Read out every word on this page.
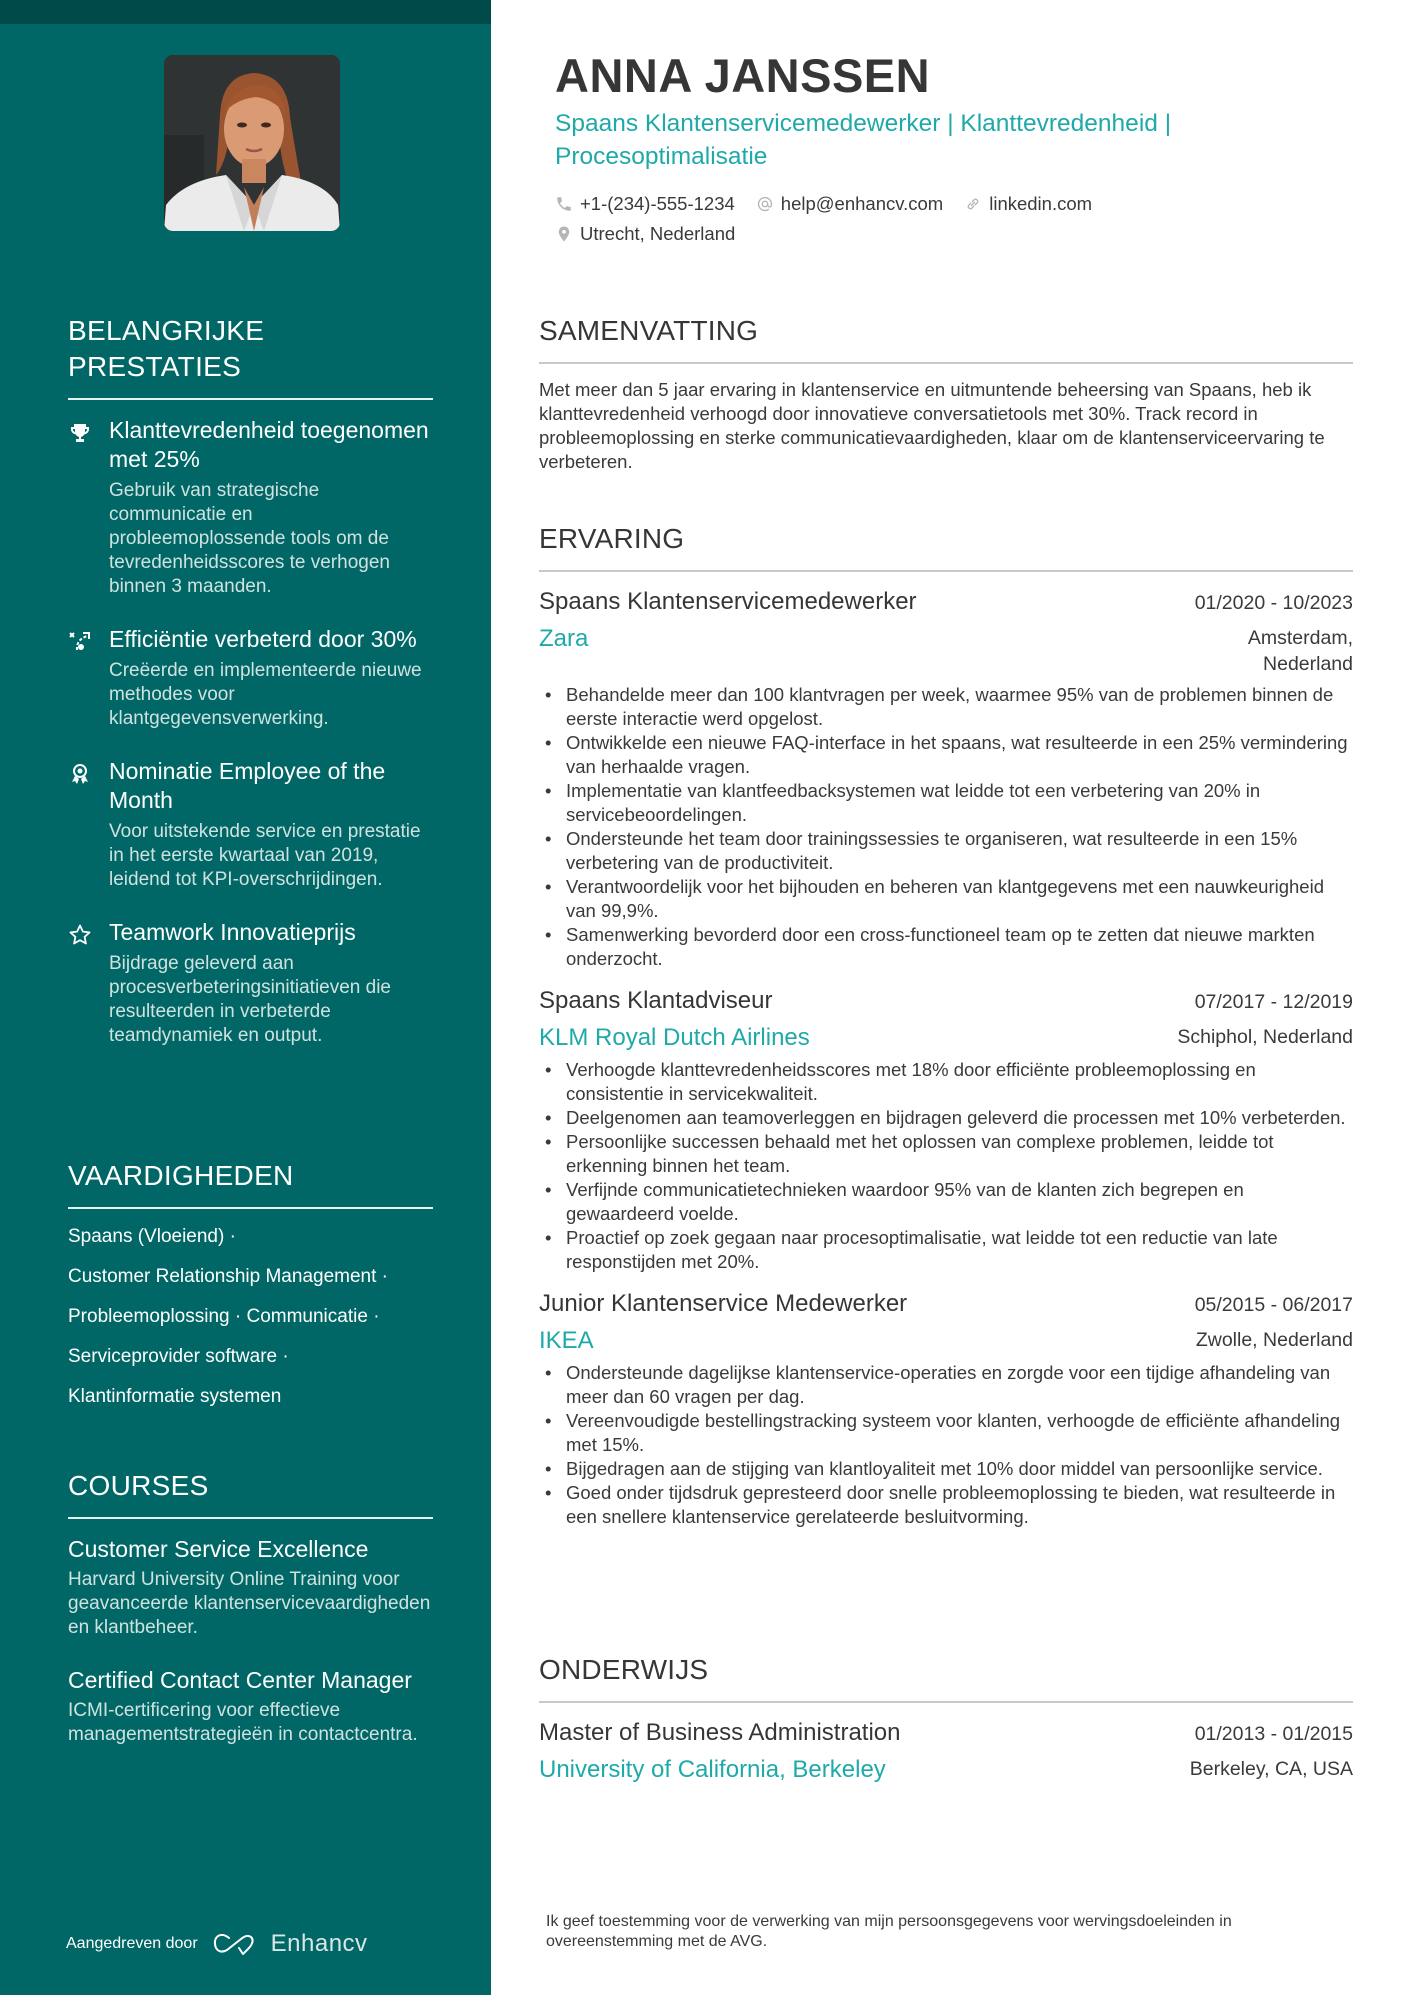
BELANGRIJKE PRESTATIES
Klanttevredenheid toegenomen met 25%
Gebruik van strategische communicatie en probleemoplossende tools om de tevredenheidsscores te verhogen binnen 3 maanden.
Efficiëntie verbeterd door 30%
Creëerde en implementeerde nieuwe methodes voor klantgegevensverwerking.
Nominatie Employee of the Month
Voor uitstekende service en prestatie in het eerste kwartaal van 2019, leidend tot KPI-overschrijdingen.
Teamwork Innovatieprijs
Bijdrage geleverd aan procesverbeteringsinitiatieven die resulteerden in verbeterde teamdynamiek en output.
VAARDIGHEDEN
Spaans (Vloeiend) ·
Customer Relationship Management ·
Probleemoplossing · Communicatie ·
Serviceprovider software ·
Klantinformatie systemen
COURSES
Customer Service Excellence
Harvard University Online Training voor geavanceerde klantenservicevaardigheden en klantbeheer.
Certified Contact Center Manager
ICMI-certificering voor effectieve managementstrategieën in contactcentra.
Aangedreven door	Enhancv
ANNA JANSSEN
Spaans Klantenservicemedewerker | Klanttevredenheid | Procesoptimalisatie
+1-(234)-555-1234 help@enhancv.com linkedin.com
Utrecht, Nederland
SAMENVATTING

Met meer dan 5 jaar ervaring in klantenservice en uitmuntende beheersing van Spaans, heb ik klanttevredenheid verhoogd door innovatieve conversatietools met 30%. Track record in probleemoplossing en sterke communicatievaardigheden, klaar om de klantenserviceervaring te verbeteren.

ERVARING
Spaans Klantenservicemedewerker	01/2020 - 10/2023
Zara	Amsterdam, Nederland
• Behandelde meer dan 100 klantvragen per week, waarmee 95% van de problemen binnen de eerste interactie werd opgelost.
• Ontwikkelde een nieuwe FAQ-interface in het spaans, wat resulteerde in een 25% vermindering van herhaalde vragen.
• Implementatie van klantfeedbacksystemen wat leidde tot een verbetering van 20% in servicebeoordelingen.
• Ondersteunde het team door trainingssessies te organiseren, wat resulteerde in een 15% verbetering van de productiviteit.
• Verantwoordelijk voor het bijhouden en beheren van klantgegevens met een nauwkeurigheid van 99,9%.
• Samenwerking bevorderd door een cross-functioneel team op te zetten dat nieuwe markten onderzocht.
Spaans Klantadviseur	07/2017 - 12/2019
KLM Royal Dutch Airlines	Schiphol, Nederland
• Verhoogde klanttevredenheidsscores met 18% door efficiënte probleemoplossing en consistentie in servicekwaliteit.
• Deelgenomen aan teamoverleggen en bijdragen geleverd die processen met 10% verbeterden.
• Persoonlijke successen behaald met het oplossen van complexe problemen, leidde tot erkenning binnen het team.
• Verfijnde communicatietechnieken waardoor 95% van de klanten zich begrepen en gewaardeerd voelde.
• Proactief op zoek gegaan naar procesoptimalisatie, wat leidde tot een reductie van late responstijden met 20%.
Junior Klantenservice Medewerker	05/2015 - 06/2017
IKEA	Zwolle, Nederland
• Ondersteunde dagelijkse klantenservice-operaties en zorgde voor een tijdige afhandeling van meer dan 60 vragen per dag.
• Vereenvoudigde bestellingstracking systeem voor klanten, verhoogde de efficiënte afhandeling met 15%.
• Bijgedragen aan de stijging van klantloyaliteit met 10% door middel van persoonlijke service.
• Goed onder tijdsdruk gepresteerd door snelle probleemoplossing te bieden, wat resulteerde in een snellere klantenservice gerelateerde besluitvorming.
ONDERWIJS
Master of Business Administration	01/2013 - 01/2015
University of California, Berkeley	Berkeley, CA, USA
Ik geef toestemming voor de verwerking van mijn persoonsgegevens voor wervingsdoeleinden in overeenstemming met de AVG.
